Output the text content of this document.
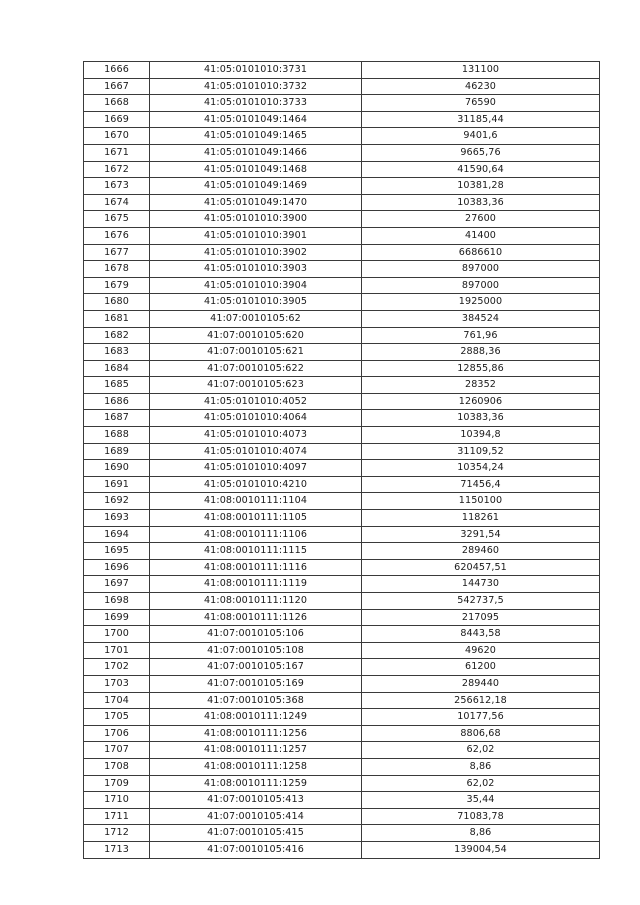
1666	41:05:0101010:3731	131100
1667	41:05:0101010:3732	46230
1668	41:05:0101010:3733	76590
1669	41:05:0101049:1464	31185,44
1670	41:05:0101049:1465	9401,6
1671	41:05:0101049:1466	9665,76
1672	41:05:0101049:1468	41590,64
1673	41:05:0101049:1469	10381,28
1674	41:05:0101049:1470	10383,36
1675	41:05:0101010:3900	27600
1676	41:05:0101010:3901	41400
1677	41:05:0101010:3902	6686610
1678	41:05:0101010:3903	897000
1679	41:05:0101010:3904	897000
1680	41:05:0101010:3905	1925000
1681	41:07:0010105:62	384524
1682	41:07:0010105:620	761,96
1683	41:07:0010105:621	2888,36
1684	41:07:0010105:622	12855,86
1685	41:07:0010105:623	28352
1686	41:05:0101010:4052	1260906
1687	41:05:0101010:4064	10383,36
1688	41:05:0101010:4073	10394,8
1689	41:05:0101010:4074	31109,52
1690	41:05:0101010:4097	10354,24
1691	41:05:0101010:4210	71456,4
1692	41:08:0010111:1104	1150100
1693	41:08:0010111:1105	118261
1694	41:08:0010111:1106	3291,54
1695	41:08:0010111:1115	289460
1696	41:08:0010111:1116	620457,51
1697	41:08:0010111:1119	144730
1698	41:08:0010111:1120	542737,5
1699	41:08:0010111:1126	217095
1700	41:07:0010105:106	8443,58
1701	41:07:0010105:108	49620
1702	41:07:0010105:167	61200
1703	41:07:0010105:169	289440
1704	41:07:0010105:368	256612,18
1705	41:08:0010111:1249	10177,56
1706	41:08:0010111:1256	8806,68
1707	41:08:0010111:1257	62,02
1708	41:08:0010111:1258	8,86
1709	41:08:0010111:1259	62,02
1710	41:07:0010105:413	35,44
1711	41:07:0010105:414	71083,78
1712	41:07:0010105:415	8,86
1713	41:07:0010105:416	139004,54
